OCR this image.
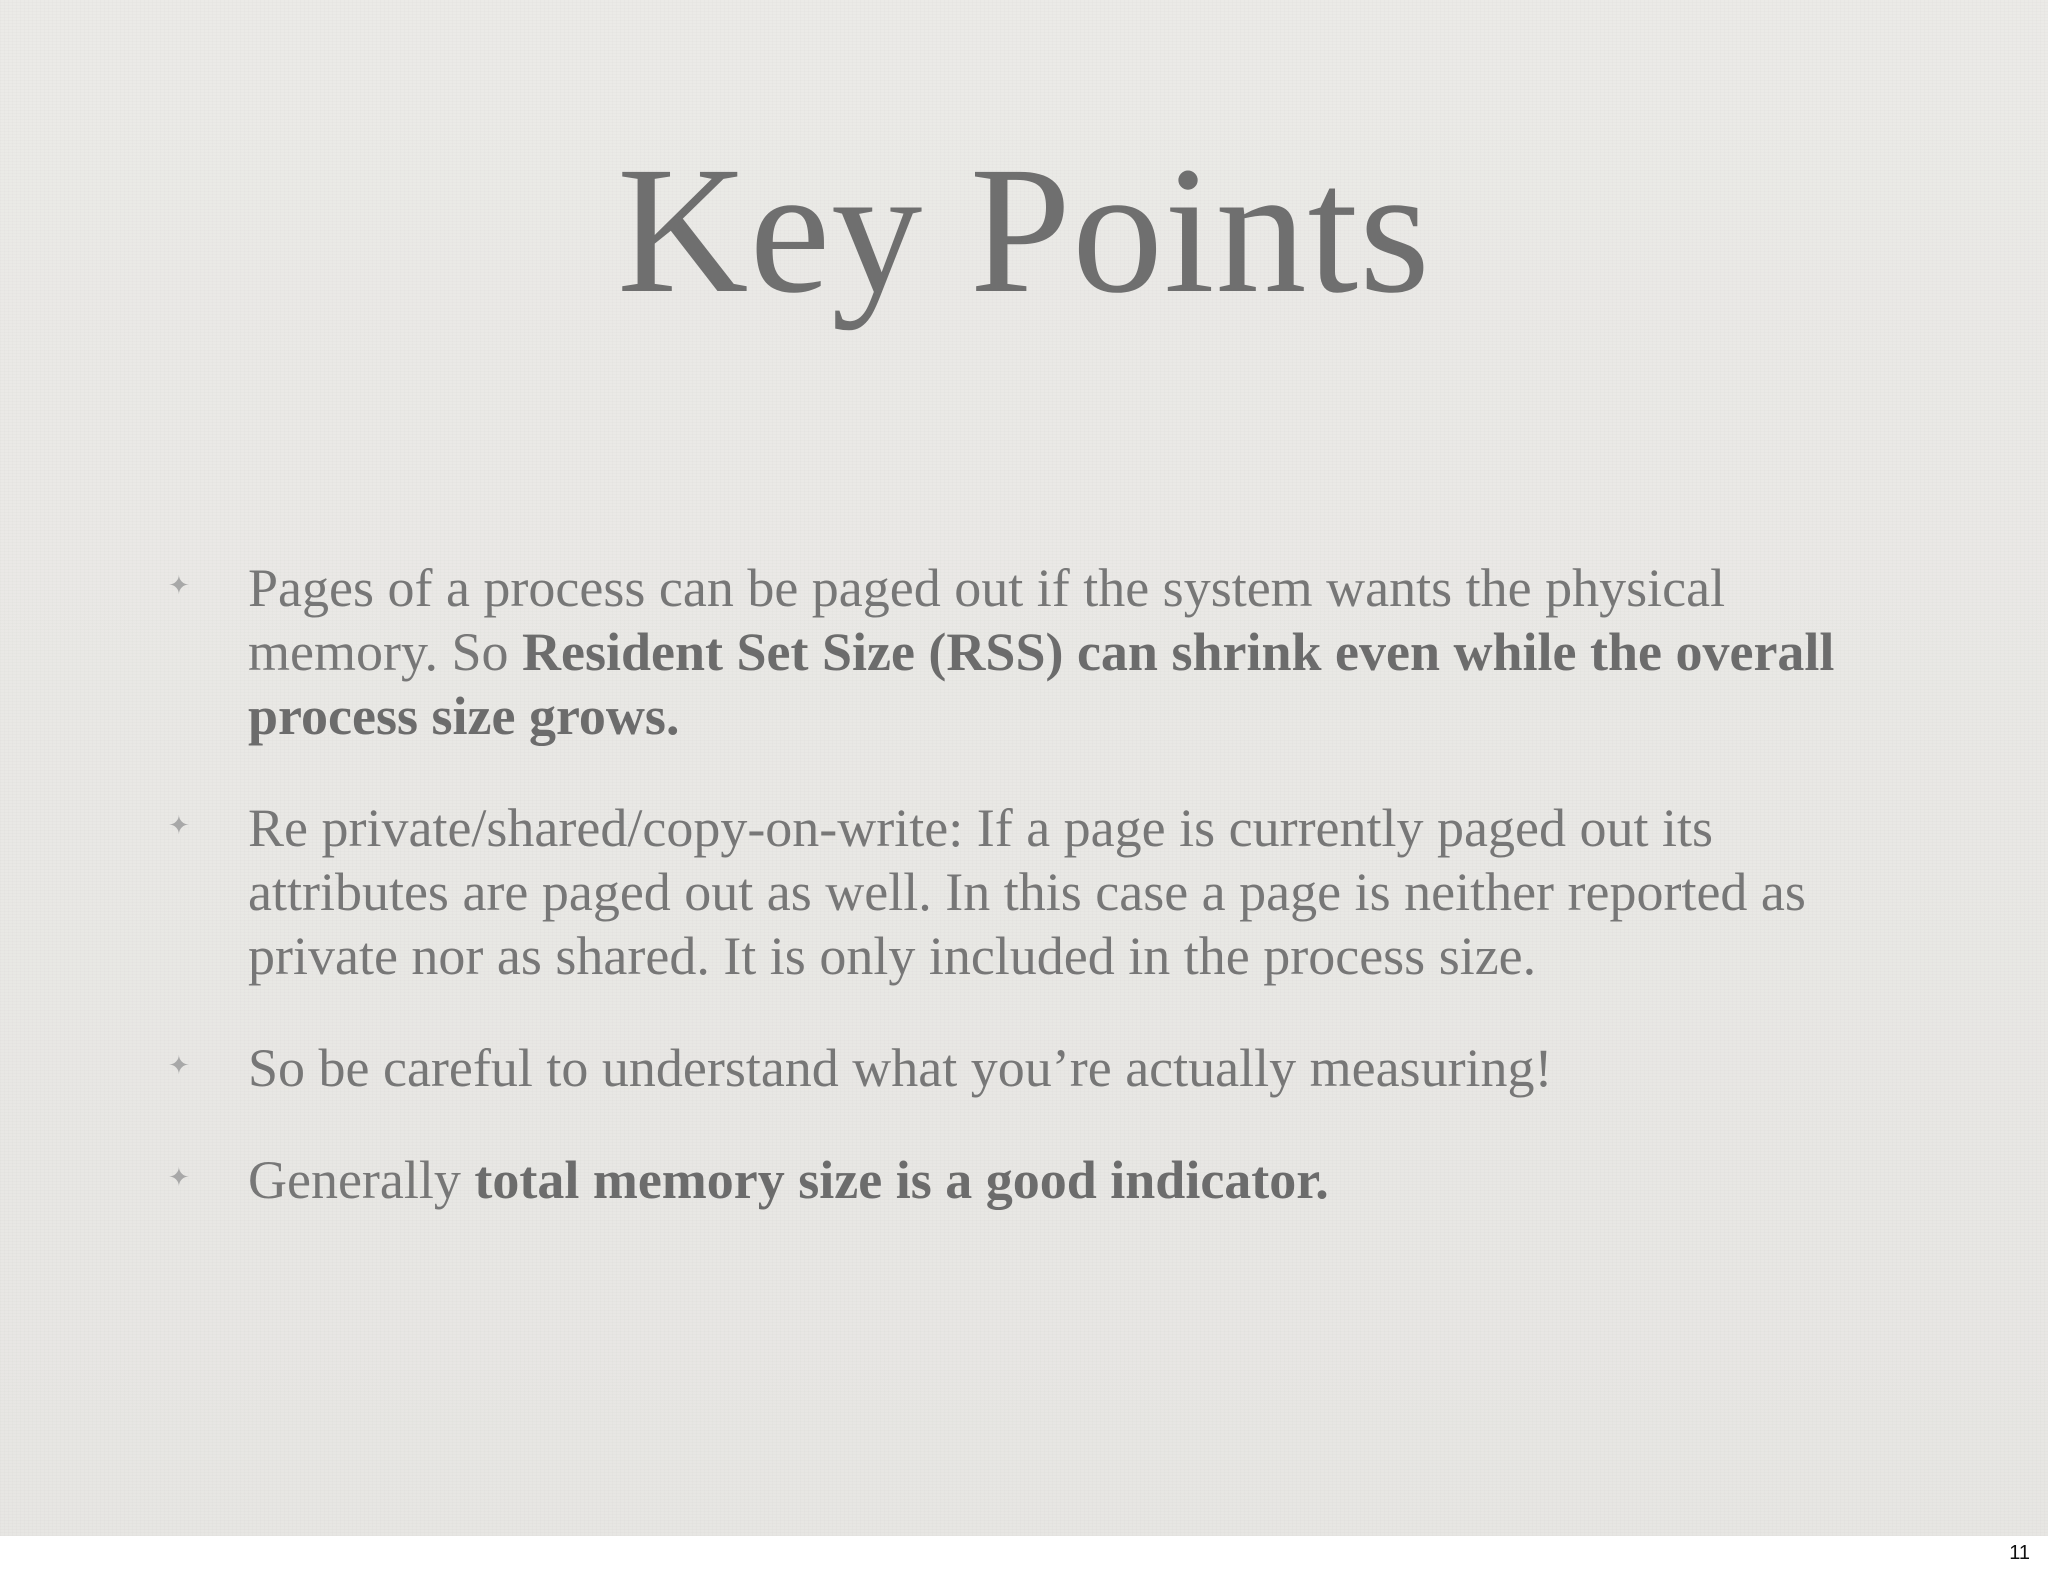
Key Points
✦ Pages of a process can be paged out if the system wants the physical memory. So Resident Set Size (RSS) can shrink even while the overall process size grows.
✦ Re private/shared/copy-on-write: If a page is currently paged out its attributes are paged out as well. In this case a page is neither reported as private nor as shared. It is only included in the process size.
✦ So be careful to understand what you’re actually measuring!
✦ Generally total memory size is a good indicator.
11
